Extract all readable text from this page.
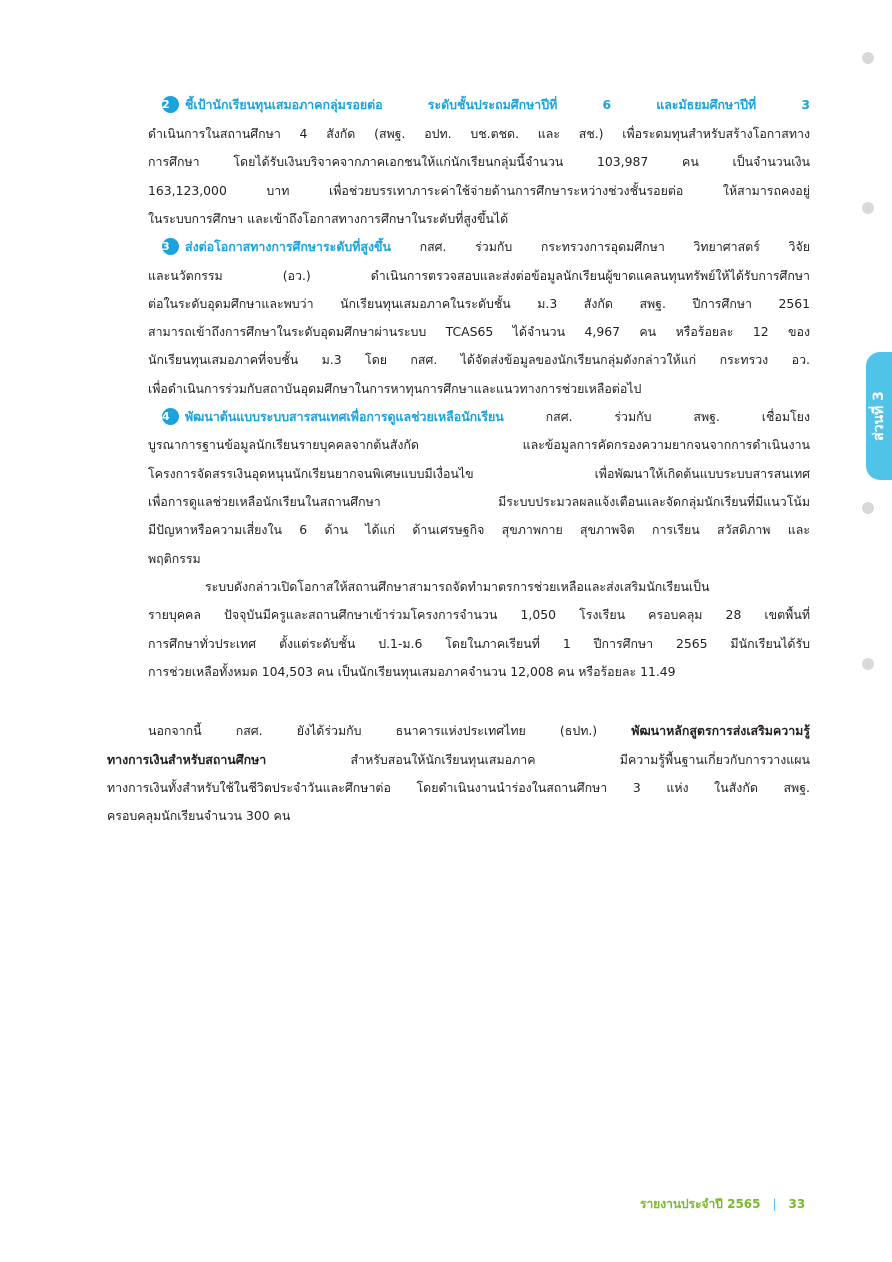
ส่วนที่ 3
2 ชี้เป้านักเรียนทุนเสมอภาคกลุ่มรอยต่อ ระดับชั้นประถมศึกษาปีที่ 6 และมัธยมศึกษาปีที่ 3
ดำเนินการในสถานศึกษา 4 สังกัด (สพฐ. อปท. บช.ตชด. และ สช.) เพื่อระดมทุนสำหรับสร้างโอกาสทาง
การศึกษา โดยได้รับเงินบริจาคจากภาคเอกชนให้แก่นักเรียนกลุ่มนี้จำนวน 103,987 คน เป็นจำนวนเงิน
163,123,000 บาท เพื่อช่วยบรรเทาภาระค่าใช้จ่ายด้านการศึกษาระหว่างช่วงชั้นรอยต่อ ให้สามารถคงอยู่
ในระบบการศึกษา และเข้าถึงโอกาสทางการศึกษาในระดับที่สูงขึ้นได้
3 ส่งต่อโอกาสทางการศึกษาระดับที่สูงขึ้น กสศ. ร่วมกับ กระทรวงการอุดมศึกษา วิทยาศาสตร์ วิจัย
และนวัตกรรม (อว.) ดำเนินการตรวจสอบและส่งต่อข้อมูลนักเรียนผู้ขาดแคลนทุนทรัพย์ให้ได้รับการศึกษา
ต่อในระดับอุดมศึกษาและพบว่า นักเรียนทุนเสมอภาคในระดับชั้น ม.3 สังกัด สพฐ. ปีการศึกษา 2561
สามารถเข้าถึงการศึกษาในระดับอุดมศึกษาผ่านระบบ TCAS65 ได้จำนวน 4,967 คน หรือร้อยละ 12 ของ
นักเรียนทุนเสมอภาคที่จบชั้น ม.3 โดย กสศ. ได้จัดส่งข้อมูลของนักเรียนกลุ่มดังกล่าวให้แก่ กระทรวง อว.
เพื่อดำเนินการร่วมกับสถาบันอุดมศึกษาในการหาทุนการศึกษาและแนวทางการช่วยเหลือต่อไป
4 พัฒนาต้นแบบระบบสารสนเทศเพื่อการดูแลช่วยเหลือนักเรียน	กสศ. ร่วมกับ สพฐ. เชื่อมโยง
บูรณาการฐานข้อมูลนักเรียนรายบุคคลจากต้นสังกัด และข้อมูลการคัดกรองความยากจนจากการดำเนินงาน
โครงการจัดสรรเงินอุดหนุนนักเรียนยากจนพิเศษแบบมีเงื่อนไข เพื่อพัฒนาให้เกิดต้นแบบระบบสารสนเทศ
เพื่อการดูแลช่วยเหลือนักเรียนในสถานศึกษา มีระบบประมวลผลแจ้งเตือนและจัดกลุ่มนักเรียนที่มีแนวโน้ม
มีปัญหาหรือความเสี่ยงใน 6 ด้าน ได้แก่ ด้านเศรษฐกิจ สุขภาพกาย สุขภาพจิต การเรียน สวัสดิภาพ และ
พฤติกรรม
ระบบดังกล่าวเปิดโอกาสให้สถานศึกษาสามารถจัดทำมาตรการช่วยเหลือและส่งเสริมนักเรียนเป็น
รายบุคคล ปัจจุบันมีครูและสถานศึกษาเข้าร่วมโครงการจำนวน 1,050 โรงเรียน ครอบคลุม 28 เขตพื้นที่
การศึกษาทั่วประเทศ ตั้งแต่ระดับชั้น ป.1-ม.6 โดยในภาคเรียนที่ 1 ปีการศึกษา 2565 มีนักเรียนได้รับ
การช่วยเหลือทั้งหมด 104,503 คน เป็นนักเรียนทุนเสมอภาคจำนวน 12,008 คน หรือร้อยละ 11.49
นอกจากนี้ กสศ. ยังได้ร่วมกับ ธนาคารแห่งประเทศไทย (ธปท.)	พัฒนาหลักสูตรการส่งเสริมความรู้
ทางการเงินสำหรับสถานศึกษา	สำหรับสอนให้นักเรียนทุนเสมอภาค มีความรู้พื้นฐานเกี่ยวกับการวางแผน
ทางการเงินทั้งสำหรับใช้ในชีวิตประจำวันและศึกษาต่อ โดยดำเนินงานนำร่องในสถานศึกษา 3 แห่ง ในสังกัด สพฐ.
ครอบคลุมนักเรียนจำนวน 300 คน
รายงานประจำปี 2565 | 33
